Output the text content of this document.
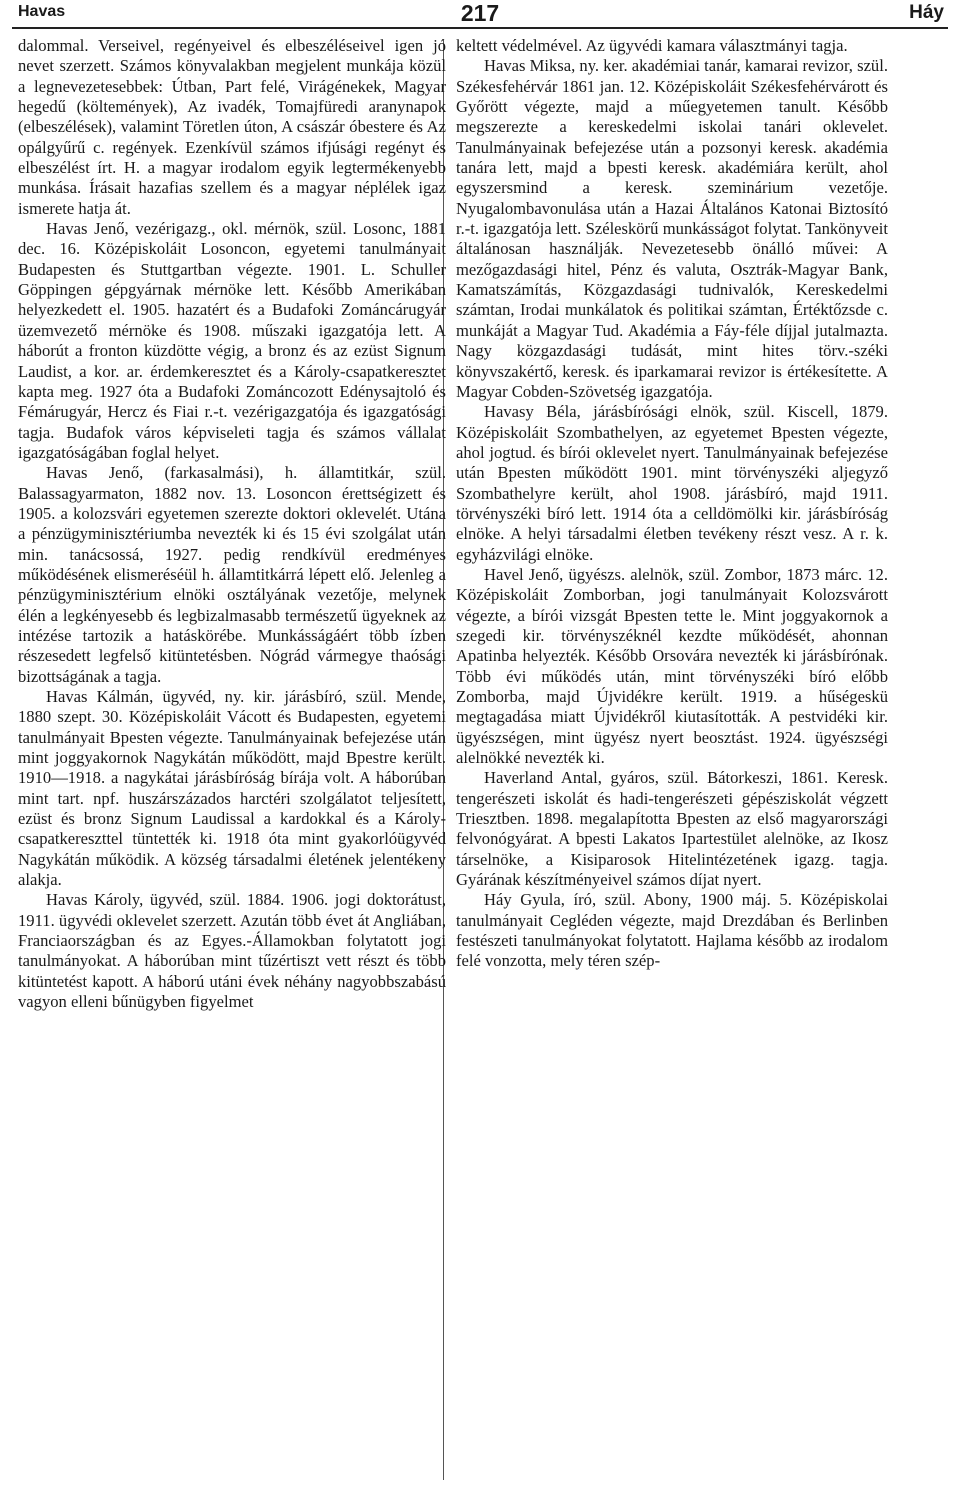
Havas	217	Háy

dalommal. Verseivel, regényeivel és elbeszéléseivel igen jó nevet szerzett. Számos könyvalakban megjelent munkája közül a legnevezetesebbek: Útban, Part felé, Virágénekek, Magyar hegedű (költemények), Az ivadék, Tomajfüredi aranynapok (elbeszélések), valamint Töretlen úton, A császár óbestere és Az opálgyűrű c. regények. Ezenkívül számos ifjúsági regényt és elbeszélést írt. H. a magyar irodalom egyik legtermékenyebb munkása. Írásait hazafias szellem és a magyar néplélek igaz ismerete hatja át.

Havas Jenő, vezérigazg., okl. mérnök, szül. Losonc, 1881 dec. 16. Középiskoláit Losoncon, egyetemi tanulmányait Budapesten és Stuttgartban végezte. 1901. L. Schuller Göppingen gépgyárnak mérnöke lett. Később Amerikában helyezkedett el. 1905. hazatért és a Budafoki Zománcárugyár üzemvezető mérnöke és 1908. műszaki igazgatója lett. A háborút a fronton küzdötte végig, a bronz és az ezüst Signum Laudist, a kor. ar. érdemkeresztet és a Károly-csapatkeresztet kapta meg. 1927 óta a Budafoki Zománcozott Edénysajtoló és Fémárugyár, Hercz és Fiai r.-t. vezérigazgatója és igazgatósági tagja. Budafok város képviseleti tagja és számos vállalat igazgatóságában foglal helyet.

Havas Jenő, (farkasalmási), h. államtitkár, szül. Balassagyarmaton, 1882 nov. 13. Losoncon érettségizett és 1905. a kolozsvári egyetemen szerezte doktori oklevelét. Utána a pénzügyminisztériumba nevezték ki és 15 évi szolgálat után min. tanácsossá, 1927. pedig rendkívül eredményes működésének elismeréséül h. államtitkárrá lépett elő. Jelenleg a pénzügyminisztérium elnöki osztályának vezetője, melynek élén a legkényesebb és legbizalmasabb természetű ügyeknek az intézése tartozik a hatáskörébe. Munkásságáért több ízben részesedett legfelső kitüntetésben. Nógrád vármegye thaósági bizottságának a tagja.

Havas Kálmán, ügyvéd, ny. kir. járásbíró, szül. Mende, 1880 szept. 30. Középiskoláit Vácott és Budapesten, egyetemi tanulmányait Bpesten végezte. Tanulmányainak befejezése után mint joggyakornok Nagykátán működött, majd Bpestre került. 1910—1918. a nagykátai járásbíróság bírája volt. A háborúban mint tart. npf. huszárszázados harctéri szolgálatot teljesített, ezüst és bronz Signum Laudissal a kardokkal és a Károly-csapatkereszttel tüntették ki. 1918 óta mint gyakorlóügyvéd Nagykátán működik. A község társadalmi életének jelentékeny alakja.

Havas Károly, ügyvéd, szül. 1884. 1906. jogi doktorátust, 1911. ügyvédi oklevelet szerzett. Azután több évet át Angliában, Franciaországban és az Egyes.-Államokban folytatott jogi tanulmányokat. A háborúban mint tűzértiszt vett részt és több kitüntetést kapott. A háború utáni évek néhány nagyobbszabású vagyon elleni bűnügyben figyelmet

keltett védelmével. Az ügyvédi kamara választmányi tagja.

Havas Miksa, ny. ker. akadémiai tanár, kamarai revizor, szül. Székesfehérvár 1861 jan. 12. Középiskoláit Székesfehérvárott és Győrött végezte, majd a műegyetemen tanult. Később megszerezte a kereskedelmi iskolai tanári oklevelet. Tanulmányainak befejezése után a pozsonyi keresk. akadémia tanára lett, majd a bpesti keresk. akadémiára került, ahol egyszersmind a keresk. szeminárium vezetője. Nyugalombavonulása után a Hazai Általános Katonai Biztosító r.-t. igazgatója lett. Széleskörű munkásságot folytat. Tankönyveit általánosan használják. Nevezetesebb önálló művei: A mezőgazdasági hitel, Pénz és valuta, Osztrák-Magyar Bank, Kamatszámítás, Közgazdasági tudnivalók, Kereskedelmi számtan, Irodai munkálatok és politikai számtan, Értéktőzsde c. munkáját a Magyar Tud. Akadémia a Fáy-féle díjjal jutalmazta. Nagy közgazdasági tudását, mint hites törv.-széki könyvszakértő, keresk. és iparkamarai revizor is értékesítette. A Magyar Cobden-Szövetség igazgatója.

Havasy Béla, járásbírósági elnök, szül. Kiscell, 1879. Középiskoláit Szombathelyen, az egyetemet Bpesten végezte, ahol jogtud. és bírói oklevelet nyert. Tanulmányainak befejezése után Bpesten működött 1901. mint törvényszéki aljegyző Szombathelyre került, ahol 1908. járásbíró, majd 1911. törvényszéki bíró lett. 1914 óta a celldömölki kir. járásbíróság elnöke. A helyi társadalmi életben tevékeny részt vesz. A r. k. egyházvilági elnöke.

Havel Jenő, ügyészs. alelnök, szül. Zombor, 1873 márc. 12. Középiskoláit Zomborban, jogi tanulmányait Kolozsvárott végezte, a bírói vizsgát Bpesten tette le. Mint joggyakornok a szegedi kir. törvényszéknél kezdte működését, ahonnan Apatinba helyezték. Később Orsovára nevezték ki járásbírónak. Több évi működés után, mint törvényszéki bíró előbb Zomborba, majd Újvidékre került. 1919. a hűségeskü megtagadása miatt Újvidékről kiutasították. A pestvidéki kir. ügyészségen, mint ügyész nyert beosztást. 1924. ügyészségi alelnökké nevezték ki.

Haverland Antal, gyáros, szül. Bátorkeszi, 1861. Keresk. tengerészeti iskolát és hadi-tengerészeti gépésziskolát végzett Triesztben. 1898. megalapította Bpesten az első magyarországi felvonógyárat. A bpesti Lakatos Ipartestület alelnöke, az Ikosz társelnöke, a Kisiparosok Hitelintézetének igazg. tagja. Gyárának készítményeivel számos díjat nyert.

Háy Gyula, író, szül. Abony, 1900 máj. 5. Középiskolai tanulmányait Cegléden végezte, majd Drezdában és Berlinben festészeti tanulmányokat folytatott. Hajlama később az irodalom felé vonzotta, mely téren szép-
